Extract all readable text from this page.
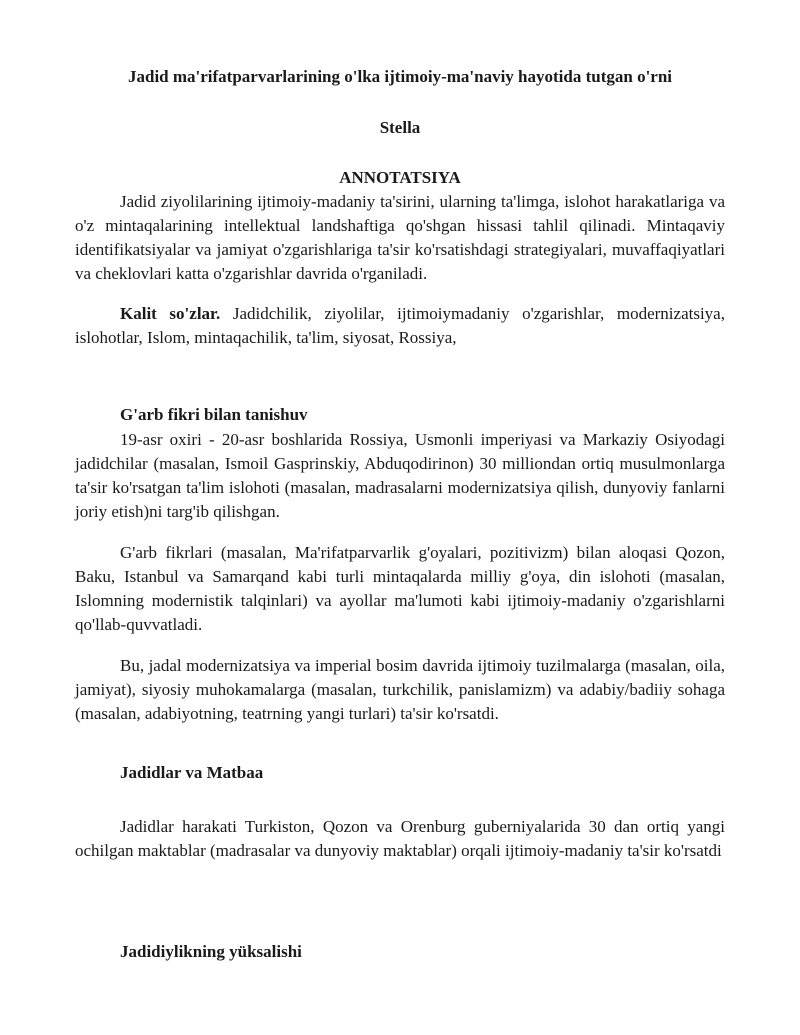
Jadid ma'rifatparvarlarining o'lka ijtimoiy-ma'naviy hayotida tutgan o'rni
Stella
ANNOTATSIYA

Jadid ziyolilarining ijtimoiy-madaniy ta'sirini, ularning ta'limga, islohot harakatlariga va o'z mintaqalarining intellektual landshaftiga qo'shgan hissasi tahlil qilinadi. Mintaqaviy identifikatsiyalar va jamiyat o'zgarishlariga ta'sir ko'rsatishdagi strategiyalari, muvaffaqiyatlari va cheklovlari katta o'zgarishlar davrida o'rganiladi.

Kalit so'zlar. Jadidchilik, ziyolilar, ijtimoiymadaniy o'zgarishlar, modernizatsiya, islohotlar, Islom, mintaqachilik, ta'lim, siyosat, Rossiya,

G'arb fikri bilan tanishuv

19-asr oxiri - 20-asr boshlarida Rossiya, Usmonli imperiyasi va Markaziy Osiyodagi jadidchilar (masalan, Ismoil Gasprinskiy, Abduqodirinon) 30 milliondan ortiq musulmonlarga ta'sir ko'rsatgan ta'lim islohoti (masalan, madrasalarni modernizatsiya qilish, dunyoviy fanlarni joriy etish)ni targ'ib qilishgan.

G'arb fikrlari (masalan, Ma'rifatparvarlik g'oyalari, pozitivizm) bilan aloqasi Qozon, Baku, Istanbul va Samarqand kabi turli mintaqalarda milliy g'oya, din islohoti (masalan, Islomning modernistik talqinlari) va ayollar ma'lumoti kabi ijtimoiy-madaniy o'zgarishlarni qo'llab-quvvatladi.

Bu, jadal modernizatsiya va imperial bosim davrida ijtimoiy tuzilmalarga (masalan, oila, jamiyat), siyosiy muhokamalarga (masalan, turkchilik, panislamizm) va adabiy/badiiy sohaga (masalan, adabiyotning, teatrning yangi turlari) ta'sir ko'rsatdi.

Jadidlar va Matbaa

Jadidlar harakati Turkiston, Qozon va Orenburg guberniyalarida 30 dan ortiq yangi ochilgan maktablar (madrasalar va dunyoviy maktablar) orqali ijtimoiy-madaniy ta'sir ko'rsatdi

Jadidiylikning yüksalishi
